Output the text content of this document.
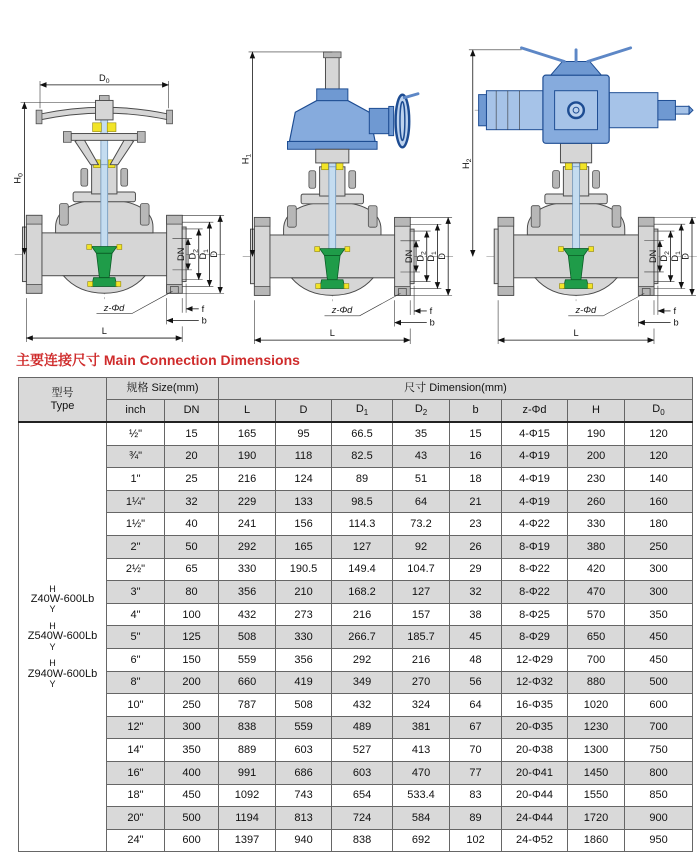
$D_0$
$H_0$
$H_1$
$H_2$
主要连接尺寸 Main Connection Dimensions
型号
Type	规格 Size(mm)		尺寸 Dimension(mm)							
	inch	DN	L	D	$D_1$	$D_2$	b	z-Φd	H	$D_0$

H
Z40W-600Lb
Y
H
Z540W-600Lb
Y
H
Z940W-600Lb
Y
	½"	15	165	95	66.5	35	15	4-Φ15	190	120
	¾"	20	190	118	82.5	43	16	4-Φ19	200	120
	1"	25	216	124	89	51	18	4-Φ19	230	140
	1¼"	32	229	133	98.5	64	21	4-Φ19	260	160
	1½"	40	241	156	114.3	73.2	23	4-Φ22	330	180
	2"	50	292	165	127	92	26	8-Φ19	380	250
	2½"	65	330	190.5	149.4	104.7	29	8-Φ22	420	300
	3"	80	356	210	168.2	127	32	8-Φ22	470	300
	4"	100	432	273	216	157	38	8-Φ25	570	350
	5"	125	508	330	266.7	185.7	45	8-Φ29	650	450
	6"	150	559	356	292	216	48	12-Φ29	700	450
	8"	200	660	419	349	270	56	12-Φ32	880	500
	10"	250	787	508	432	324	64	16-Φ35	1020	600
	12"	300	838	559	489	381	67	20-Φ35	1230	700
	14"	350	889	603	527	413	70	20-Φ38	1300	750
	16"	400	991	686	603	470	77	20-Φ41	1450	800
	18"	450	1092	743	654	533.4	83	20-Φ44	1550	850
	20"	500	1194	813	724	584	89	24-Φ44	1720	900
	24"	600	1397	940	838	692	102	24-Φ52	1860	950
